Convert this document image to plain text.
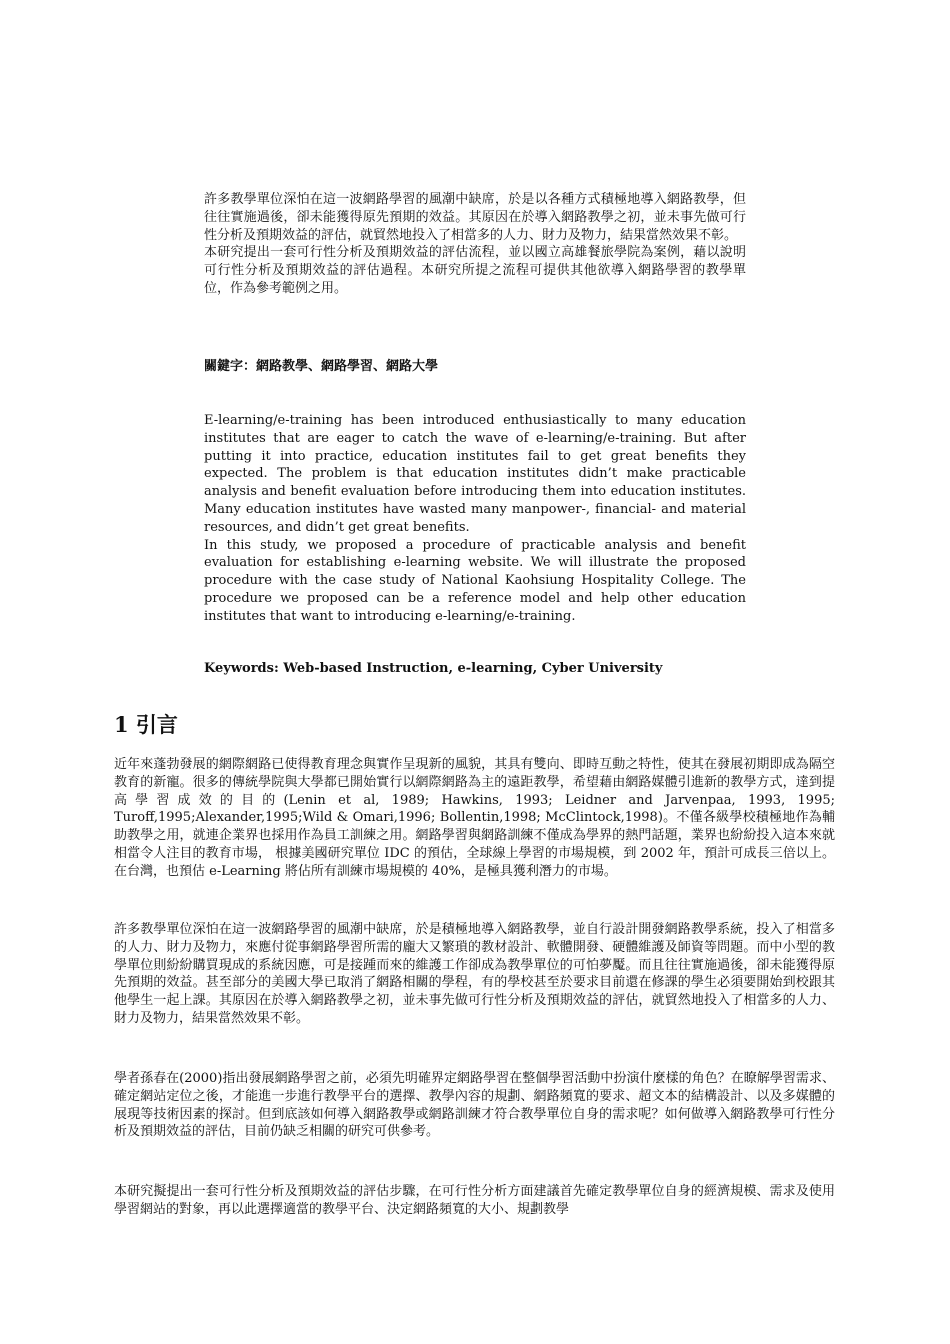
許多教學單位深怕在這一波網路學習的風潮中缺席，於是以各種方式積極地導入網路教學，但往往實施過後，卻未能獲得原先預期的效益。其原因在於導入網路教學之初，並未事先做可行性分析及預期效益的評估，就貿然地投入了相當多的人力、財力及物力，結果當然效果不彰。

本研究提出一套可行性分析及預期效益的評估流程，並以國立高雄餐旅學院為案例，藉以說明可行性分析及預期效益的評估過程。本研究所提之流程可提供其他欲導入網路學習的教學單位，作為參考範例之用。

關鍵字：網路教學、網路學習、網路大學

E-learning/e-training has been introduced enthusiastically to many education institutes that are eager to catch the wave of e-learning/e-training. But after putting it into practice, education institutes fail to get great benefits they expected. The problem is that education institutes didn’t make practicable analysis and benefit evaluation before introducing them into education institutes. Many education institutes have wasted many manpower-, financial- and material resources, and didn’t get great benefits.

In this study, we proposed a procedure of practicable analysis and benefit evaluation for establishing e-learning website. We will illustrate the proposed procedure with the case study of National Kaohsiung Hospitality College. The procedure we proposed can be a reference model and help other education institutes that want to introducing e-learning/e-training.

Keywords: Web-based Instruction, e-learning, Cyber University
1 引言

近年來蓬勃發展的網際網路已使得教育理念與實作呈現新的風貌，其具有雙向、即時互動之特性，使其在發展初期即成為隔空教育的新寵。很多的傳統學院與大學都已開始實行以網際網路為主的遠距教學，希望藉由網路媒體引進新的教學方式，達到提高學習成效的目的(Lenin et al, 1989; Hawkins, 1993; Leidner and Jarvenpaa, 1993, 1995; Turoff,1995;Alexander,1995;Wild & Omari,1996; Bollentin,1998; McClintock,1998)。不僅各級學校積極地作為輔助教學之用，就連企業界也採用作為員工訓練之用。網路學習與網路訓練不僅成為學界的熱門話題，業界也紛紛投入這本來就相當令人注目的教育市場， 根據美國研究單位 IDC 的預估，全球線上學習的市場規模，到 2002 年，預計可成長三倍以上。在台灣，也預估 e-Learning 將佔所有訓練市場規模的 40%，是極具獲利潛力的市場。

許多教學單位深怕在這一波網路學習的風潮中缺席，於是積極地導入網路教學，並自行設計開發網路教學系統，投入了相當多的人力、財力及物力，來應付從事網路學習所需的龐大又繁瑣的教材設計、軟體開發、硬體維護及師資等問題。而中小型的教學單位則紛紛購買現成的系統因應，可是接踵而來的維護工作卻成為教學單位的可怕夢魘。而且往往實施過後，卻未能獲得原先預期的效益。甚至部分的美國大學已取消了網路相關的學程，有的學校甚至於要求目前還在修課的學生必須要開始到校跟其他學生一起上課。其原因在於導入網路教學之初，並未事先做可行性分析及預期效益的評估，就貿然地投入了相當多的人力、財力及物力，結果當然效果不彰。

學者孫春在(2000)指出發展網路學習之前，必須先明確界定網路學習在整個學習活動中扮演什麼樣的角色？在瞭解學習需求、確定網站定位之後，才能進一步進行教學平台的選擇、教學內容的規劃、網路頻寬的要求、超文本的結構設計、以及多媒體的展現等技術因素的探討。但到底該如何導入網路教學或網路訓練才符合教學單位自身的需求呢？如何做導入網路教學可行性分析及預期效益的評估，目前仍缺乏相關的研究可供參考。

本研究擬提出一套可行性分析及預期效益的評估步驟，在可行性分析方面建議首先確定教學單位自身的經濟規模、需求及使用學習網站的對象，再以此選擇適當的教學平台、決定網路頻寬的大小、規劃教學
